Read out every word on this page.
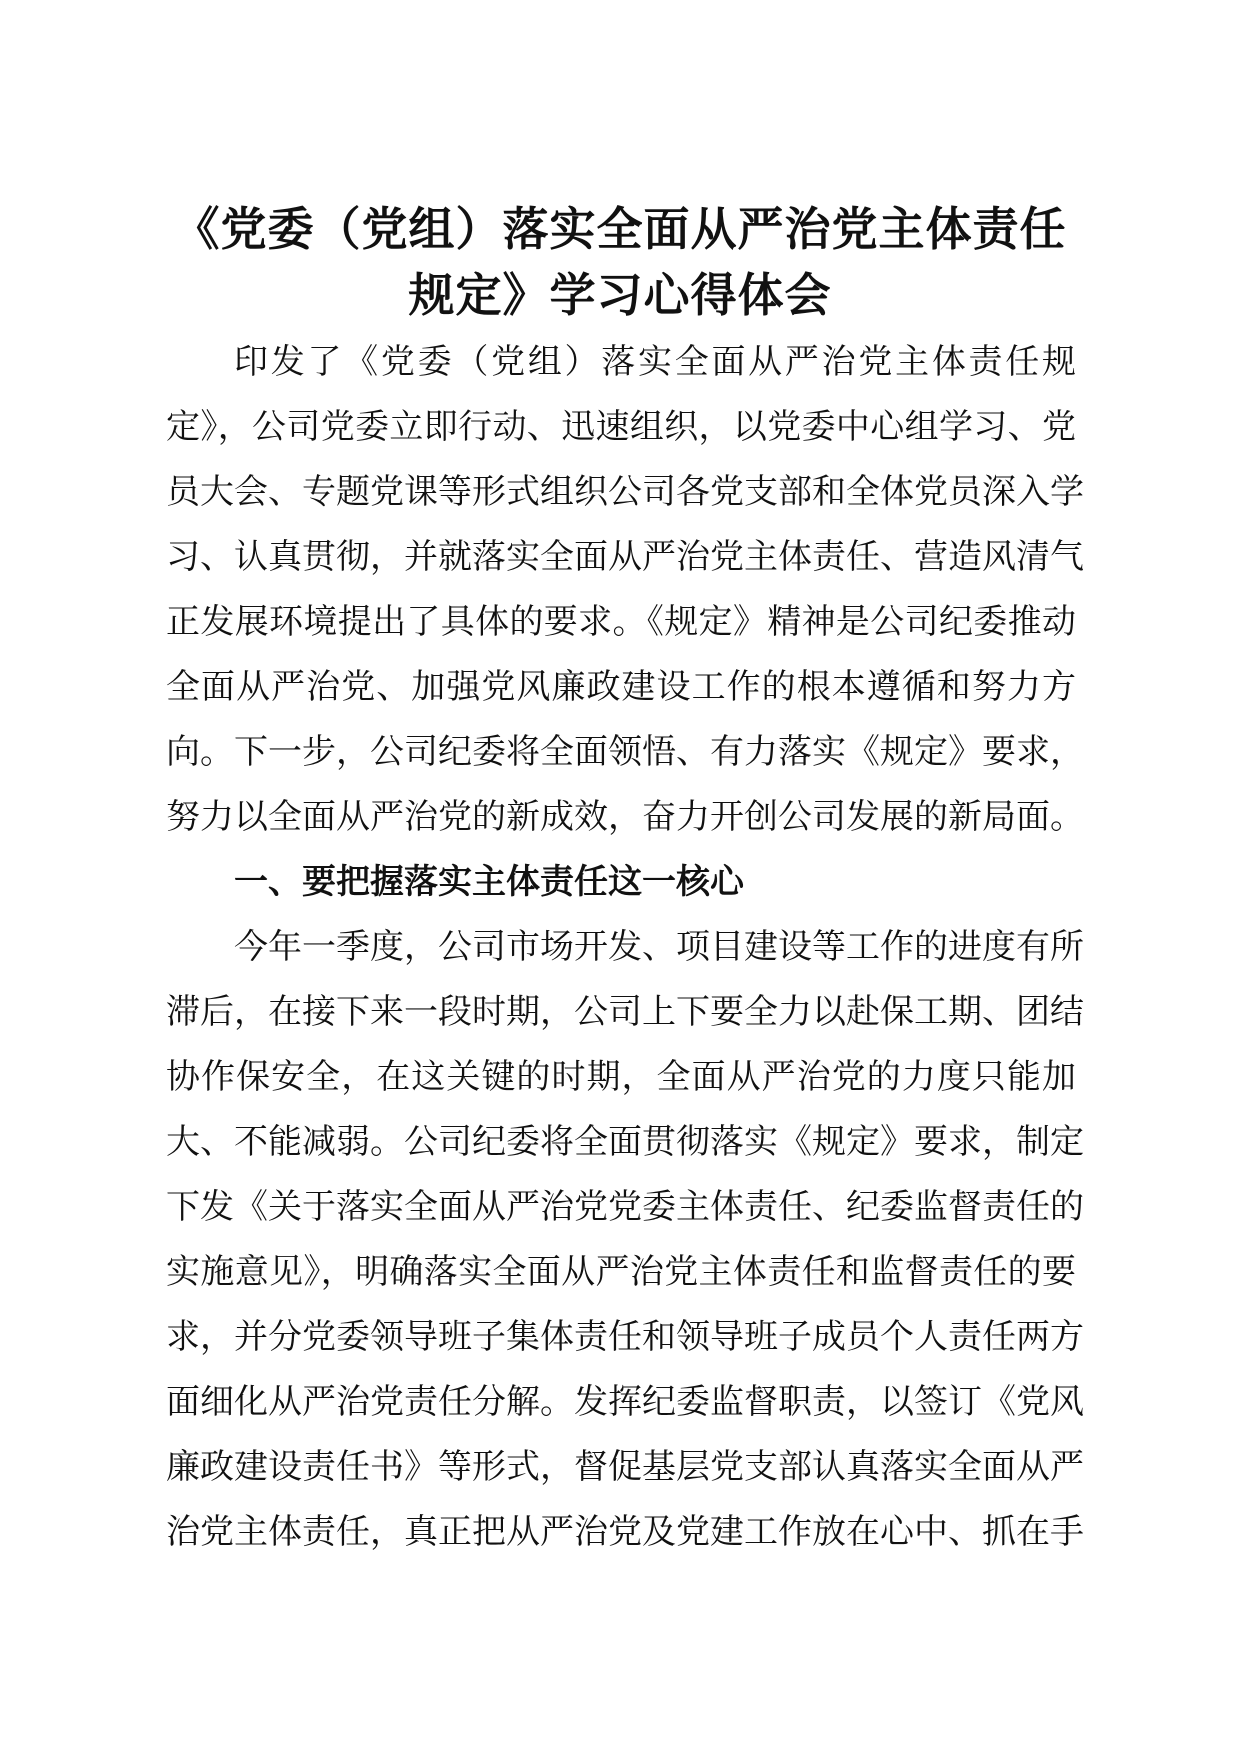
《党委（党组）落实全面从严治党主体责任
规定》学习心得体会
印发了《党委（党组）落实全面从严治党主体责任规
定》，公司党委立即行动、迅速组织，以党委中心组学习、党
员大会、专题党课等形式组织公司各党支部和全体党员深入学
习、认真贯彻，并就落实全面从严治党主体责任、营造风清气
正发展环境提出了具体的要求。《规定》精神是公司纪委推动
全面从严治党、加强党风廉政建设工作的根本遵循和努力方
向。下一步，公司纪委将全面领悟、有力落实《规定》要求，
努力以全面从严治党的新成效，奋力开创公司发展的新局面。
一、要把握落实主体责任这一核心
今年一季度，公司市场开发、项目建设等工作的进度有所
滞后，在接下来一段时期，公司上下要全力以赴保工期、团结
协作保安全，在这关键的时期，全面从严治党的力度只能加
大、不能减弱。公司纪委将全面贯彻落实《规定》要求，制定
下发《关于落实全面从严治党党委主体责任、纪委监督责任的
实施意见》，明确落实全面从严治党主体责任和监督责任的要
求，并分党委领导班子集体责任和领导班子成员个人责任两方
面细化从严治党责任分解。发挥纪委监督职责，以签订《党风
廉政建设责任书》等形式，督促基层党支部认真落实全面从严
治党主体责任，真正把从严治党及党建工作放在心中、抓在手
